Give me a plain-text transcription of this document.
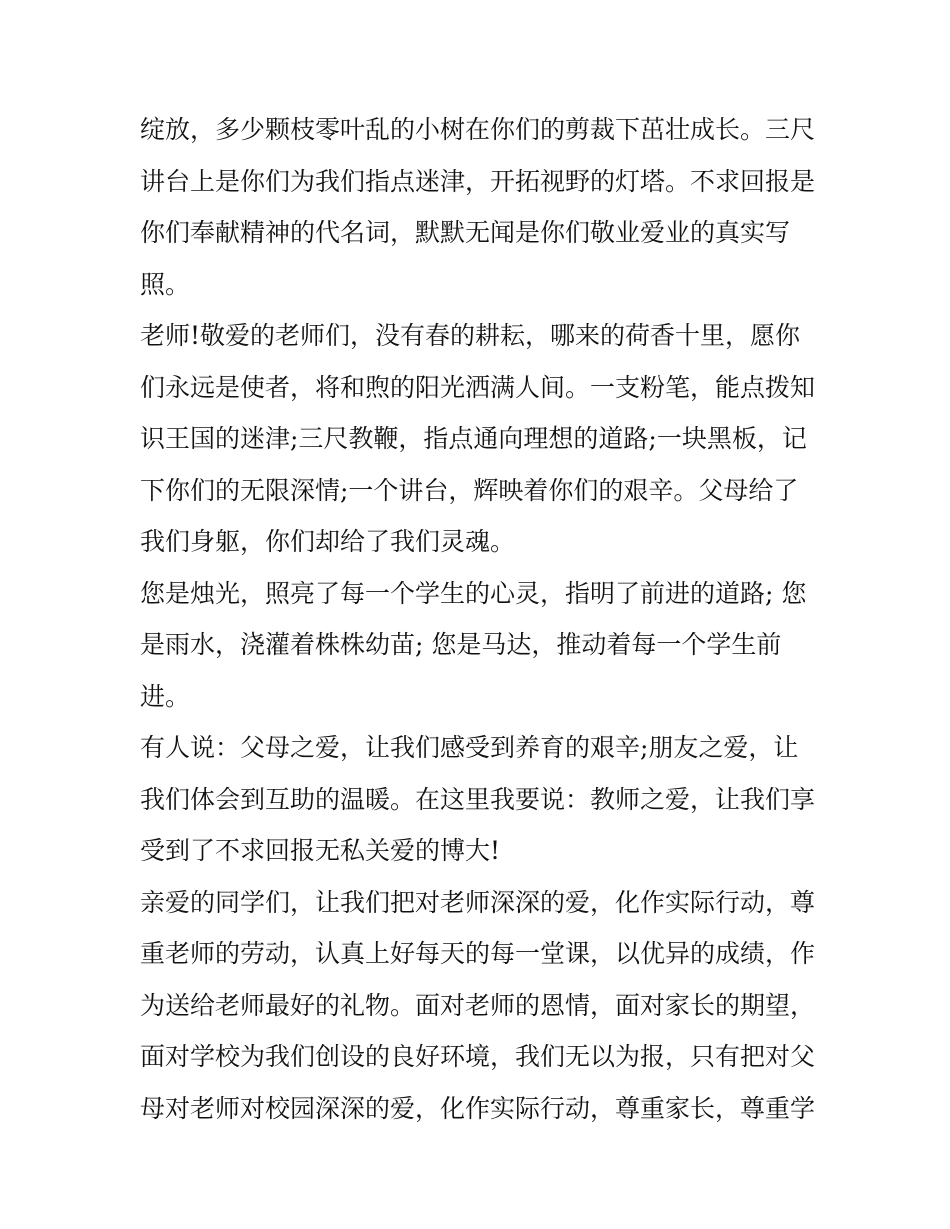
绽放，多少颗枝零叶乱的小树在你们的剪裁下茁壮成长。三尺
讲台上是你们为我们指点迷津，开拓视野的灯塔。不求回报是
你们奉献精神的代名词，默默无闻是你们敬业爱业的真实写
照。
老师!敬爱的老师们，没有春的耕耘，哪来的荷香十里，愿你
们永远是使者，将和煦的阳光洒满人间。一支粉笔，能点拨知
识王国的迷津;三尺教鞭，指点通向理想的道路;一块黑板，记
下你们的无限深情;一个讲台，辉映着你们的艰辛。父母给了
我们身躯，你们却给了我们灵魂。
您是烛光，照亮了每一个学生的心灵，指明了前进的道路; 您
是雨水，浇灌着株株幼苗; 您是马达，推动着每一个学生前
进。
有人说：父母之爱，让我们感受到养育的艰辛;朋友之爱，让
我们体会到互助的温暖。在这里我要说：教师之爱，让我们享
受到了不求回报无私关爱的博大!
亲爱的同学们，让我们把对老师深深的爱，化作实际行动，尊
重老师的劳动，认真上好每天的每一堂课，以优异的成绩，作
为送给老师最好的礼物。面对老师的恩情，面对家长的期望，
面对学校为我们创设的良好环境，我们无以为报，只有把对父
母对老师对校园深深的爱，化作实际行动，尊重家长，尊重学
